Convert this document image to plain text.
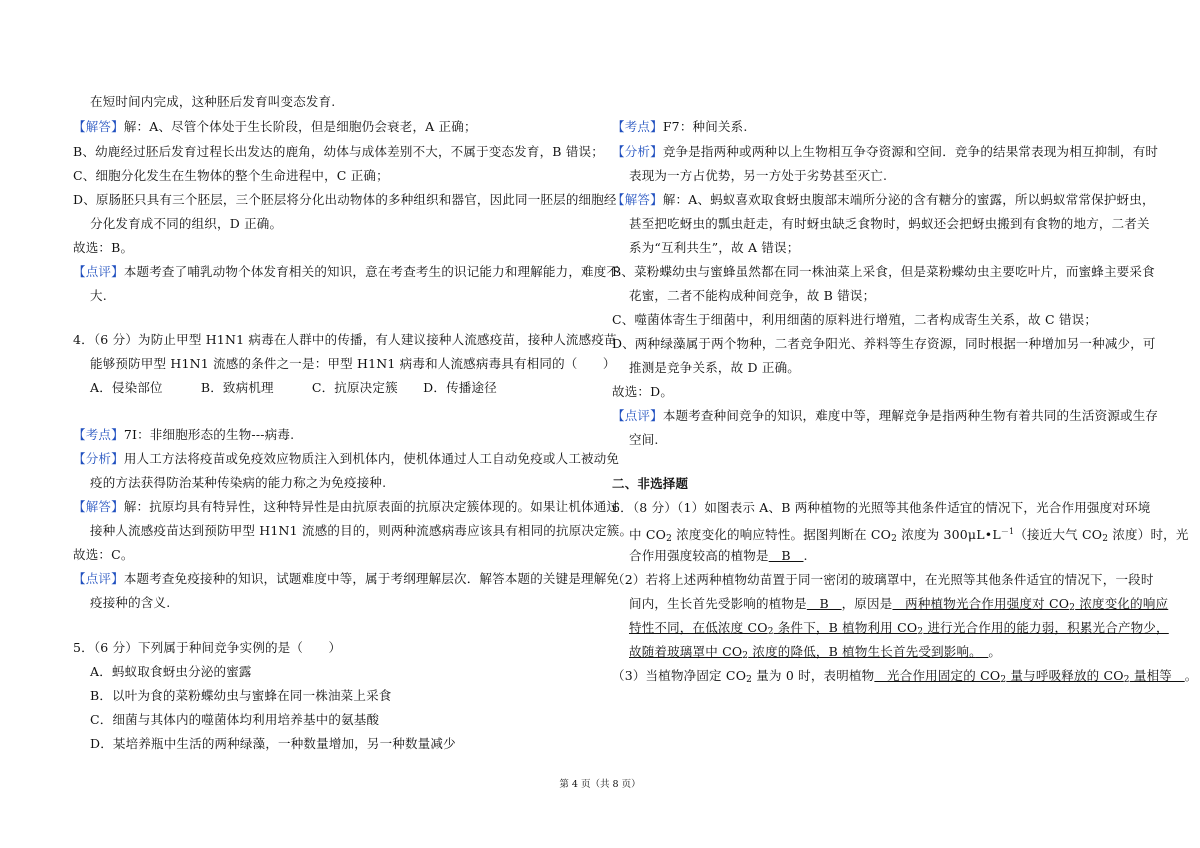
在短时间内完成，这种胚后发育叫变态发育.
【解答】解：A、尽管个体处于生长阶段，但是细胞仍会衰老，A 正确；
B、幼鹿经过胚后发育过程长出发达的鹿角，幼体与成体差别不大，不属于变态发育，B 错误；
C、细胞分化发生在生物体的整个生命进程中，C 正确；
D、原肠胚只具有三个胚层，三个胚层将分化出动物体的多种组织和器官，因此同一胚层的细胞经
分化发育成不同的组织，D 正确。
故选：B。
【点评】本题考查了哺乳动物个体发育相关的知识，意在考查考生的识记能力和理解能力，难度不
大.
4．（6 分）为防止甲型 H1N1 病毒在人群中的传播，有人建议接种人流感疫苗，接种人流感疫苗
能够预防甲型 H1N1 流感的条件之一是：甲型 H1N1 病毒和人流感病毒具有相同的（　　）
A．侵染部位　　　B．致病机理　　　C．抗原决定簇　　D．传播途径
【考点】7I：非细胞形态的生物---病毒.
【分析】用人工方法将疫苗或免疫效应物质注入到机体内，使机体通过人工自动免疫或人工被动免
疫的方法获得防治某种传染病的能力称之为免疫接种.
【解答】解：抗原均具有特异性，这种特异性是由抗原表面的抗原决定簇体现的。如果让机体通过
接种人流感疫苗达到预防甲型 H1N1 流感的目的，则两种流感病毒应该具有相同的抗原决定簇。
故选：C。
【点评】本题考查免疫接种的知识，试题难度中等，属于考纲理解层次．解答本题的关键是理解免
疫接种的含义.
5．（6 分）下列属于种间竞争实例的是（　　）
A．蚂蚁取食蚜虫分泌的蜜露
B．以叶为食的菜粉蝶幼虫与蜜蜂在同一株油菜上采食
C．细菌与其体内的噬菌体均利用培养基中的氨基酸
D．某培养瓶中生活的两种绿藻，一种数量增加，另一种数量减少
【考点】F7：种间关系.
【分析】竞争是指两种或两种以上生物相互争夺资源和空间．竞争的结果常表现为相互抑制，有时
表现为一方占优势，另一方处于劣势甚至灭亡.
【解答】解：A、蚂蚁喜欢取食蚜虫腹部末端所分泌的含有糖分的蜜露，所以蚂蚁常常保护蚜虫，
甚至把吃蚜虫的瓢虫赶走，有时蚜虫缺乏食物时，蚂蚁还会把蚜虫搬到有食物的地方，二者关
系为“互利共生”，故 A 错误；
B、菜粉蝶幼虫与蜜蜂虽然都在同一株油菜上采食，但是菜粉蝶幼虫主要吃叶片，而蜜蜂主要采食
花蜜，二者不能构成种间竞争，故 B 错误；
C、噬菌体寄生于细菌中，利用细菌的原料进行增殖，二者构成寄生关系，故 C 错误；
D、两种绿藻属于两个物种，二者竞争阳光、养料等生存资源，同时根据一种增加另一种减少，可
推测是竞争关系，故 D 正确。
故选：D。
【点评】本题考查种间竞争的知识，难度中等，理解竞争是指两种生物有着共同的生活资源或生存
空间.
二、非选择题
6．（8 分）（1）如图表示 A、B 两种植物的光照等其他条件适宜的情况下，光合作用强度对环境
中 $CO_2$ 浓度变化的响应特性。据图判断在 $CO_2$ 浓度为 $300\mu L•L^{-1}$（接近大气 $CO_2$ 浓度）时，光
合作用强度较高的植物是　B　.
（2）若将上述两种植物幼苗置于同一密闭的玻璃罩中，在光照等其他条件适宜的情况下，一段时
间内，生长首先受影响的植物是　B　，原因是　两种植物光合作用强度对 $CO_2$ 浓度变化的响应
特性不同，在低浓度 $CO_2$ 条件下，B 植物利用 $CO_2$ 进行光合作用的能力弱，积累光合产物少，
故随着玻璃罩中 $CO_2$ 浓度的降低，B 植物生长首先受到影响。　 。
（3）当植物净固定 $CO_2$ 量为 0 时，表明植物　光合作用固定的 $CO_2$ 量与呼吸释放的 $CO_2$ 量相等　。
第 4 页（共 8 页）
